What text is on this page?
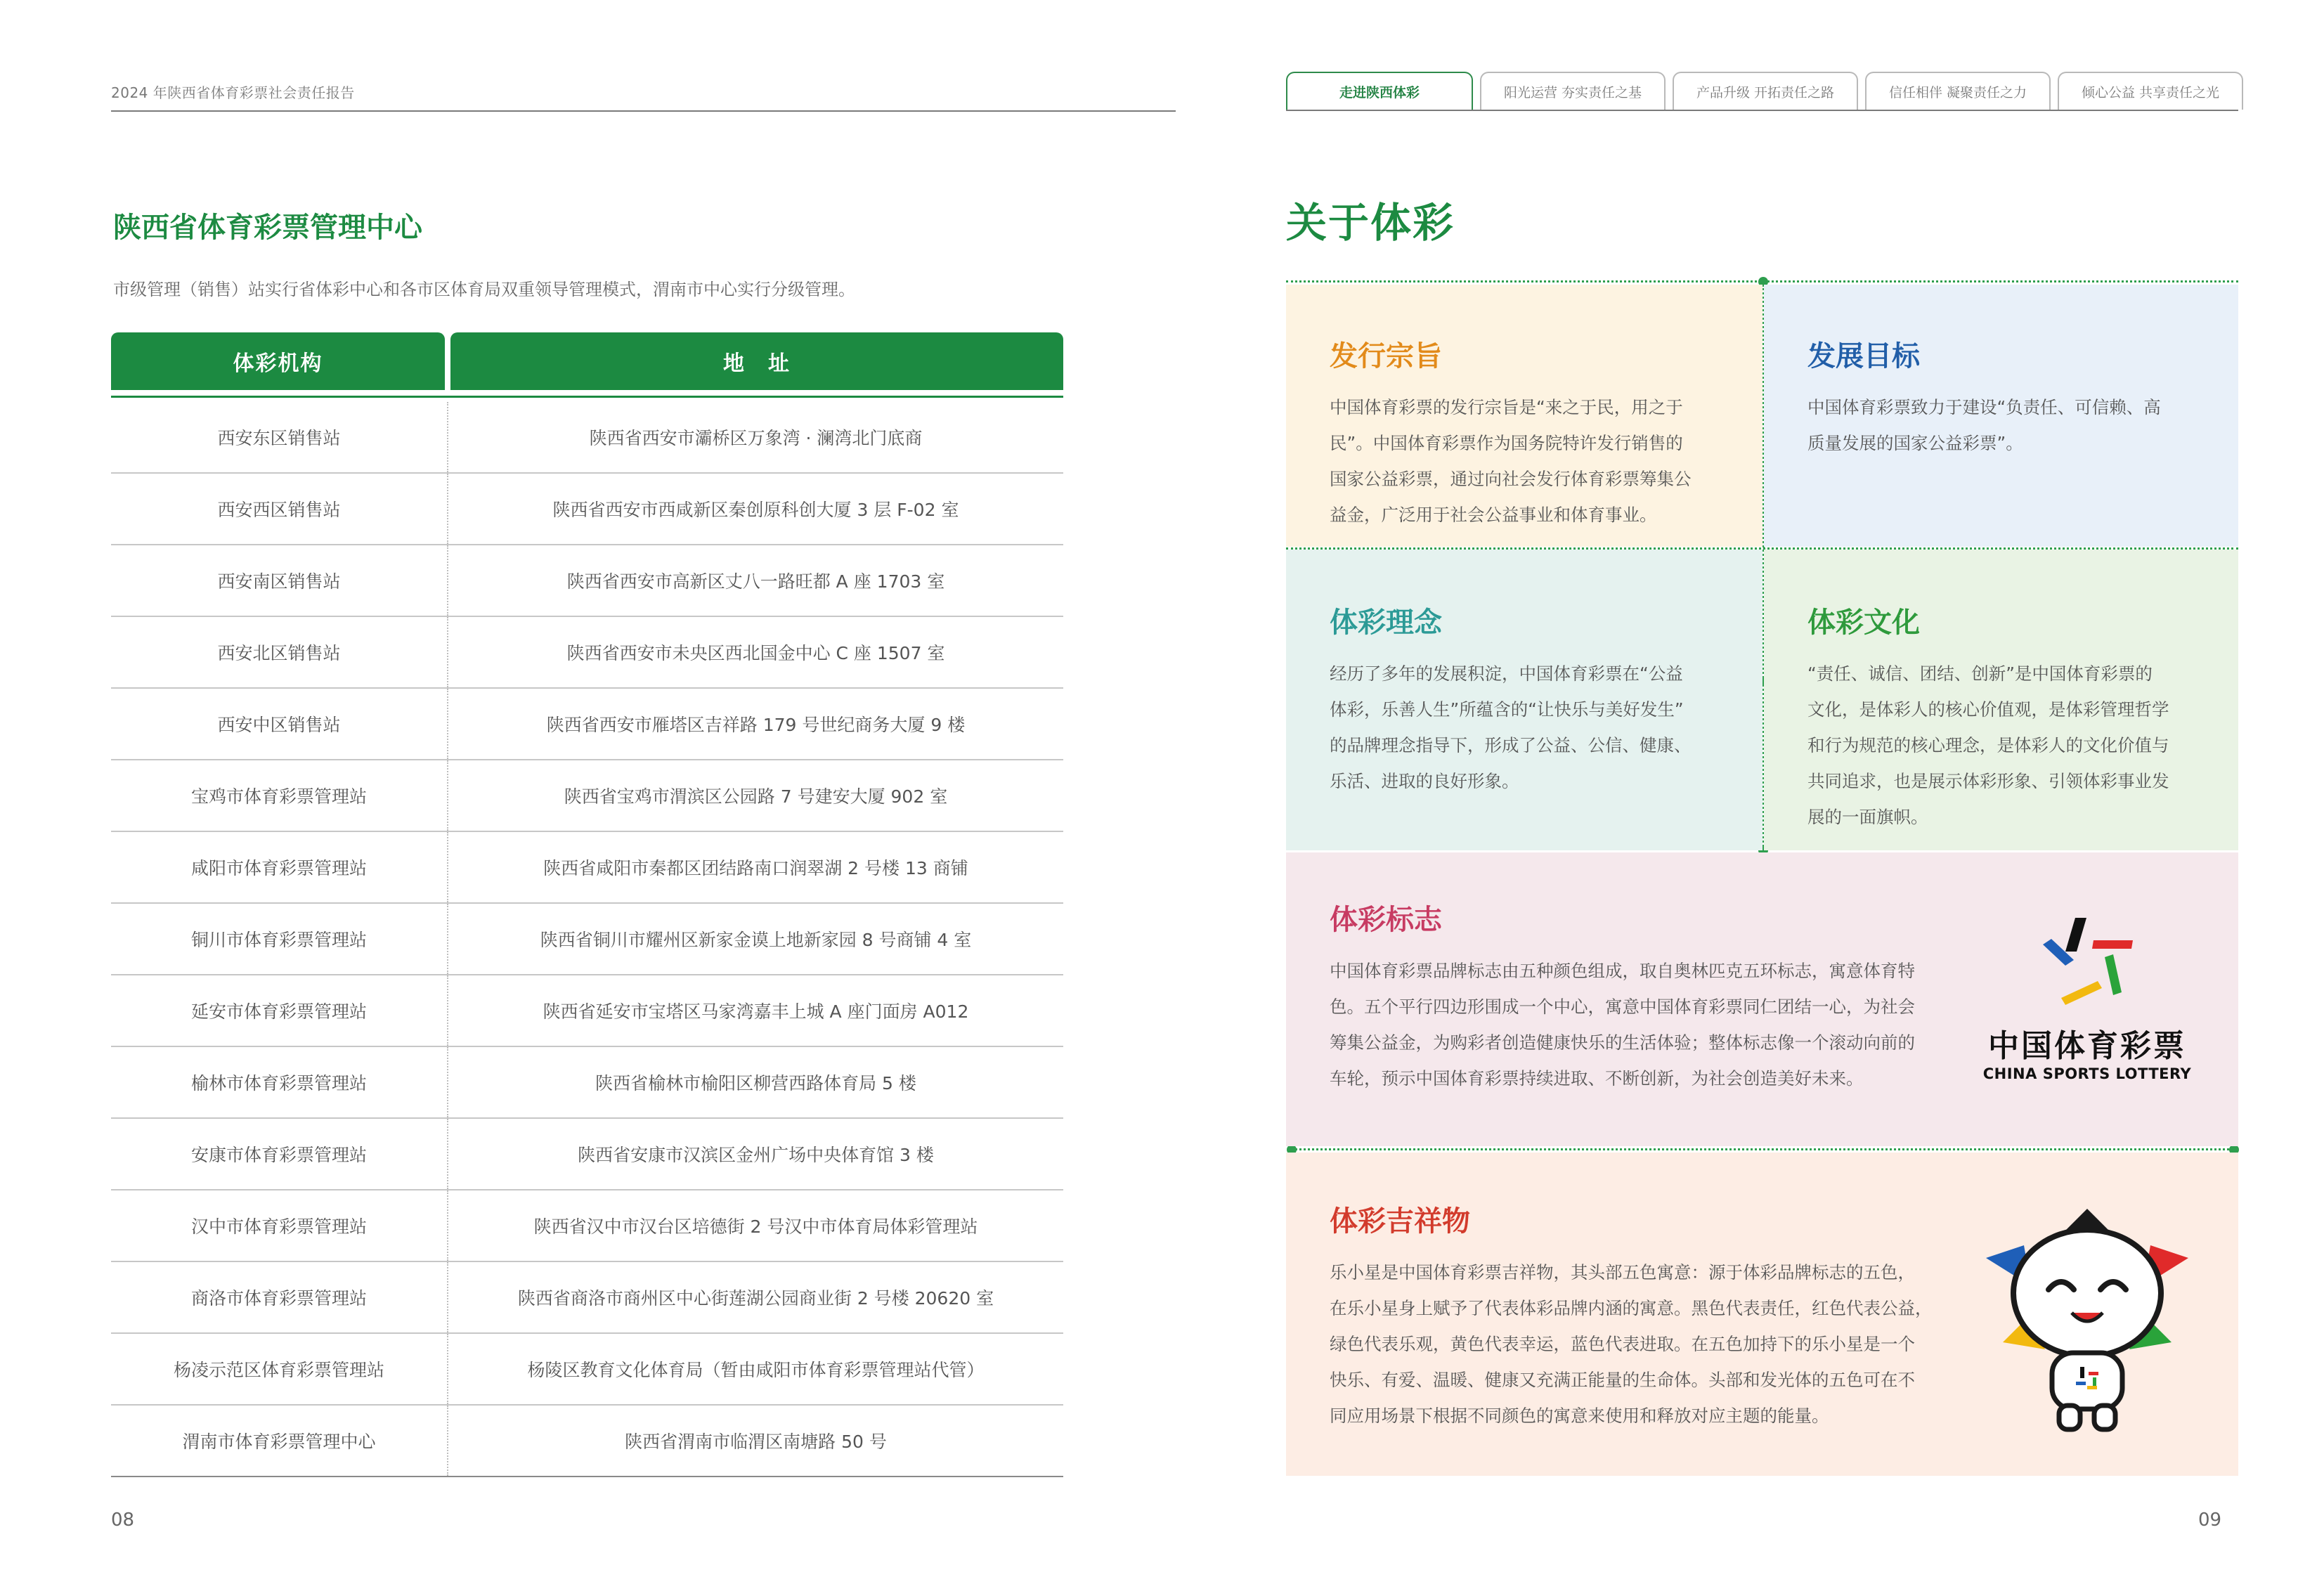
2024 年陕西省体育彩票社会责任报告	走进陕西体彩	阳光运营 夯实责任之基	产品升级 开拓责任之路	信任相伴 凝聚责任之力	倾心公益 共享责任之光
陕西省体育彩票管理中心
市级管理（销售）站实行省体彩中心和各市区体育局双重领导管理模式，渭南市中心实行分级管理。
体彩机构	地　址
西安东区销售站	陕西省西安市灞桥区万象湾 · 澜湾北门底商
西安西区销售站	陕西省西安市西咸新区秦创原科创大厦 3 层 F-02 室
西安南区销售站	陕西省西安市高新区丈八一路旺都 A 座 1703 室
西安北区销售站	陕西省西安市未央区西北国金中心 C 座 1507 室
西安中区销售站	陕西省西安市雁塔区吉祥路 179 号世纪商务大厦 9 楼
宝鸡市体育彩票管理站	陕西省宝鸡市渭滨区公园路 7 号建安大厦 902 室
咸阳市体育彩票管理站	陕西省咸阳市秦都区团结路南口润翠湖 2 号楼 13 商铺
铜川市体育彩票管理站	陕西省铜川市耀州区新家金谟上地新家园 8 号商铺 4 室
延安市体育彩票管理站	陕西省延安市宝塔区马家湾嘉丰上城 A 座门面房 A012
榆林市体育彩票管理站	陕西省榆林市榆阳区柳营西路体育局 5 楼
安康市体育彩票管理站	陕西省安康市汉滨区金州广场中央体育馆 3 楼
汉中市体育彩票管理站	陕西省汉中市汉台区培德街 2 号汉中市体育局体彩管理站
商洛市体育彩票管理站	陕西省商洛市商州区中心街莲湖公园商业街 2 号楼 20620 室
杨凌示范区体育彩票管理站	杨陵区教育文化体育局（暂由咸阳市体育彩票管理站代管）
渭南市体育彩票管理中心	陕西省渭南市临渭区南塘路 50 号
08
关于体彩
发行宗旨

中国体育彩票的发行宗旨是“来之于民，用之于

民”。中国体育彩票作为国务院特许发行销售的

国家公益彩票，通过向社会发行体育彩票筹集公

益金，广泛用于社会公益事业和体育事业。

发展目标

中国体育彩票致力于建设“负责任、可信赖、高

质量发展的国家公益彩票”。

体彩理念

经历了多年的发展积淀，中国体育彩票在“公益

体彩，乐善人生”所蕴含的“让快乐与美好发生”

的品牌理念指导下，形成了公益、公信、健康、

乐活、进取的良好形象。

体彩文化

“责任、诚信、团结、创新”是中国体育彩票的

文化，是体彩人的核心价值观，是体彩管理哲学

和行为规范的核心理念，是体彩人的文化价值与

共同追求，也是展示体彩形象、引领体彩事业发

展的一面旗帜。

体彩标志

中国体育彩票品牌标志由五种颜色组成，取自奥林匹克五环标志，寓意体育特

色。五个平行四边形围成一个中心，寓意中国体育彩票同仁团结一心，为社会

筹集公益金，为购彩者创造健康快乐的生活体验；整体标志像一个滚动向前的

车轮，预示中国体育彩票持续进取、不断创新，为社会创造美好未来。

中国体育彩票
CHINA SPORTS LOTTERY
体彩吉祥物

乐小星是中国体育彩票吉祥物，其头部五色寓意：源于体彩品牌标志的五色，

在乐小星身上赋予了代表体彩品牌内涵的寓意。黑色代表责任，红色代表公益，

绿色代表乐观，黄色代表幸运，蓝色代表进取。在五色加持下的乐小星是一个

快乐、有爱、温暖、健康又充满正能量的生命体。头部和发光体的五色可在不

同应用场景下根据不同颜色的寓意来使用和释放对应主题的能量。

09
